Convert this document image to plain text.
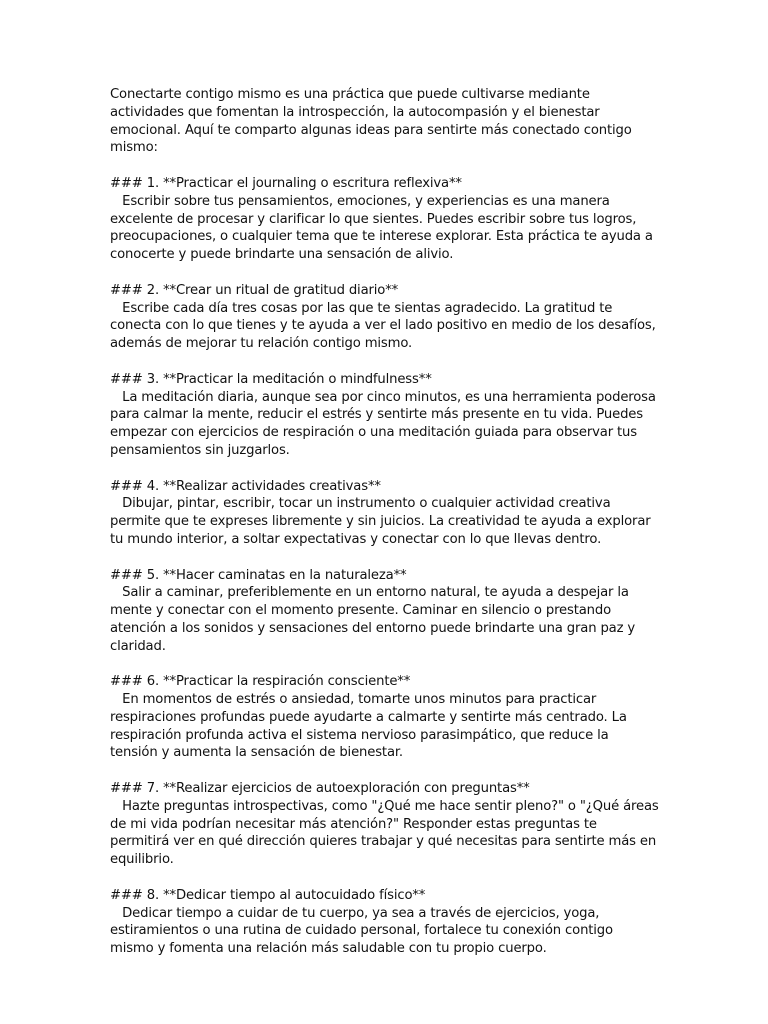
Conectarte contigo mismo es una práctica que puede cultivarse mediante actividades que fomentan la introspección, la autocompasión y el bienestar emocional. Aquí te comparto algunas ideas para sentirte más conectado contigo mismo:

### 1. **Practicar el journaling o escritura reflexiva**

Escribir sobre tus pensamientos, emociones, y experiencias es una manera excelente de procesar y clarificar lo que sientes. Puedes escribir sobre tus logros, preocupaciones, o cualquier tema que te interese explorar. Esta práctica te ayuda a conocerte y puede brindarte una sensación de alivio.

### 2. **Crear un ritual de gratitud diario**

Escribe cada día tres cosas por las que te sientas agradecido. La gratitud te conecta con lo que tienes y te ayuda a ver el lado positivo en medio de los desafíos, además de mejorar tu relación contigo mismo.

### 3. **Practicar la meditación o mindfulness**

La meditación diaria, aunque sea por cinco minutos, es una herramienta poderosa para calmar la mente, reducir el estrés y sentirte más presente en tu vida. Puedes empezar con ejercicios de respiración o una meditación guiada para observar tus pensamientos sin juzgarlos.

### 4. **Realizar actividades creativas**

Dibujar, pintar, escribir, tocar un instrumento o cualquier actividad creativa permite que te expreses libremente y sin juicios. La creatividad te ayuda a explorar tu mundo interior, a soltar expectativas y conectar con lo que llevas dentro.

### 5. **Hacer caminatas en la naturaleza**

Salir a caminar, preferiblemente en un entorno natural, te ayuda a despejar la mente y conectar con el momento presente. Caminar en silencio o prestando atención a los sonidos y sensaciones del entorno puede brindarte una gran paz y claridad.

### 6. **Practicar la respiración consciente**

En momentos de estrés o ansiedad, tomarte unos minutos para practicar respiraciones profundas puede ayudarte a calmarte y sentirte más centrado. La respiración profunda activa el sistema nervioso parasimpático, que reduce la tensión y aumenta la sensación de bienestar.

### 7. **Realizar ejercicios de autoexploración con preguntas**

Hazte preguntas introspectivas, como "¿Qué me hace sentir pleno?" o "¿Qué áreas de mi vida podrían necesitar más atención?" Responder estas preguntas te permitirá ver en qué dirección quieres trabajar y qué necesitas para sentirte más en equilibrio.

### 8. **Dedicar tiempo al autocuidado físico**

Dedicar tiempo a cuidar de tu cuerpo, ya sea a través de ejercicios, yoga, estiramientos o una rutina de cuidado personal, fortalece tu conexión contigo mismo y fomenta una relación más saludable con tu propio cuerpo.
